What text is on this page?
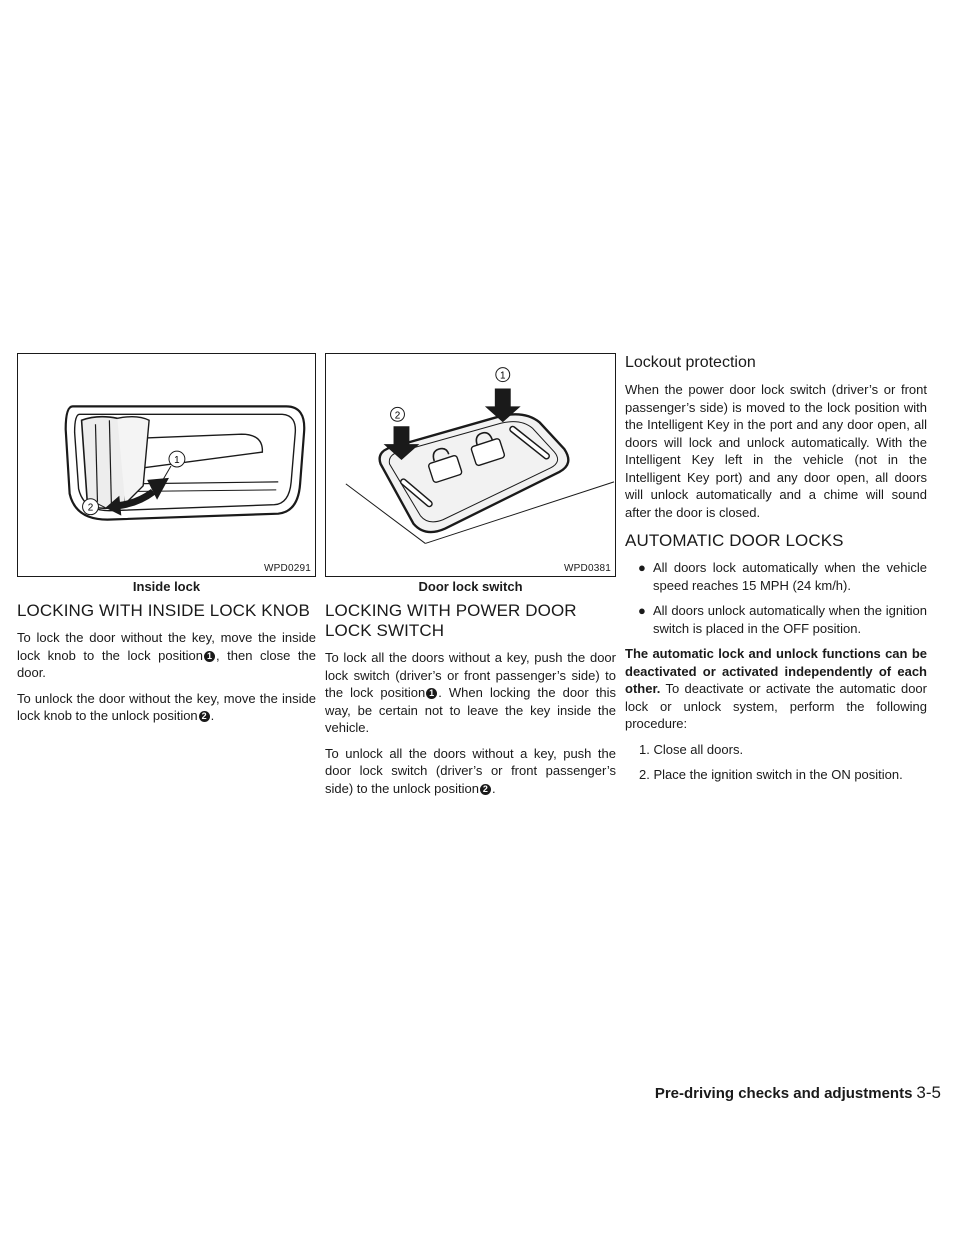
1
2
WPD0291
Inside lock
LOCKING WITH INSIDE LOCK KNOB

To lock the door without the key, move the inside lock knob to the lock position 1 , then close the door.

To unlock the door without the key, move the inside lock knob to the unlock position 2 .

2
1
WPD0381
Door lock switch
LOCKING WITH POWER DOOR LOCK SWITCH

To lock all the doors without a key, push the door lock switch (driver’s or front passenger’s side) to the lock position 1 . When locking the door this way, be certain not to leave the key inside the vehicle.

To unlock all the doors without a key, push the door lock switch (driver’s or front passenger’s side) to the unlock position 2 .

Lockout protection

When the power door lock switch (driver’s or front passenger’s side) is moved to the lock position with the Intelligent Key in the port and any door open, all doors will lock and unlock automatically. With the Intelligent Key left in the vehicle (not in the Intelligent Key port) and any door open, all doors will unlock automatically and a chime will sound after the door is closed.

AUTOMATIC DOOR LOCKS
● All doors lock automatically when the vehicle speed reaches 15 MPH (24 km/h).
● All doors unlock automatically when the ignition switch is placed in the OFF position.

The automatic lock and unlock functions can be deactivated or activated independently of each other. To deactivate or activate the automatic door lock or unlock system, perform the following procedure:

1. Close all doors.
2. Place the ignition switch in the ON position.
Pre-driving checks and adjustments 3-5
